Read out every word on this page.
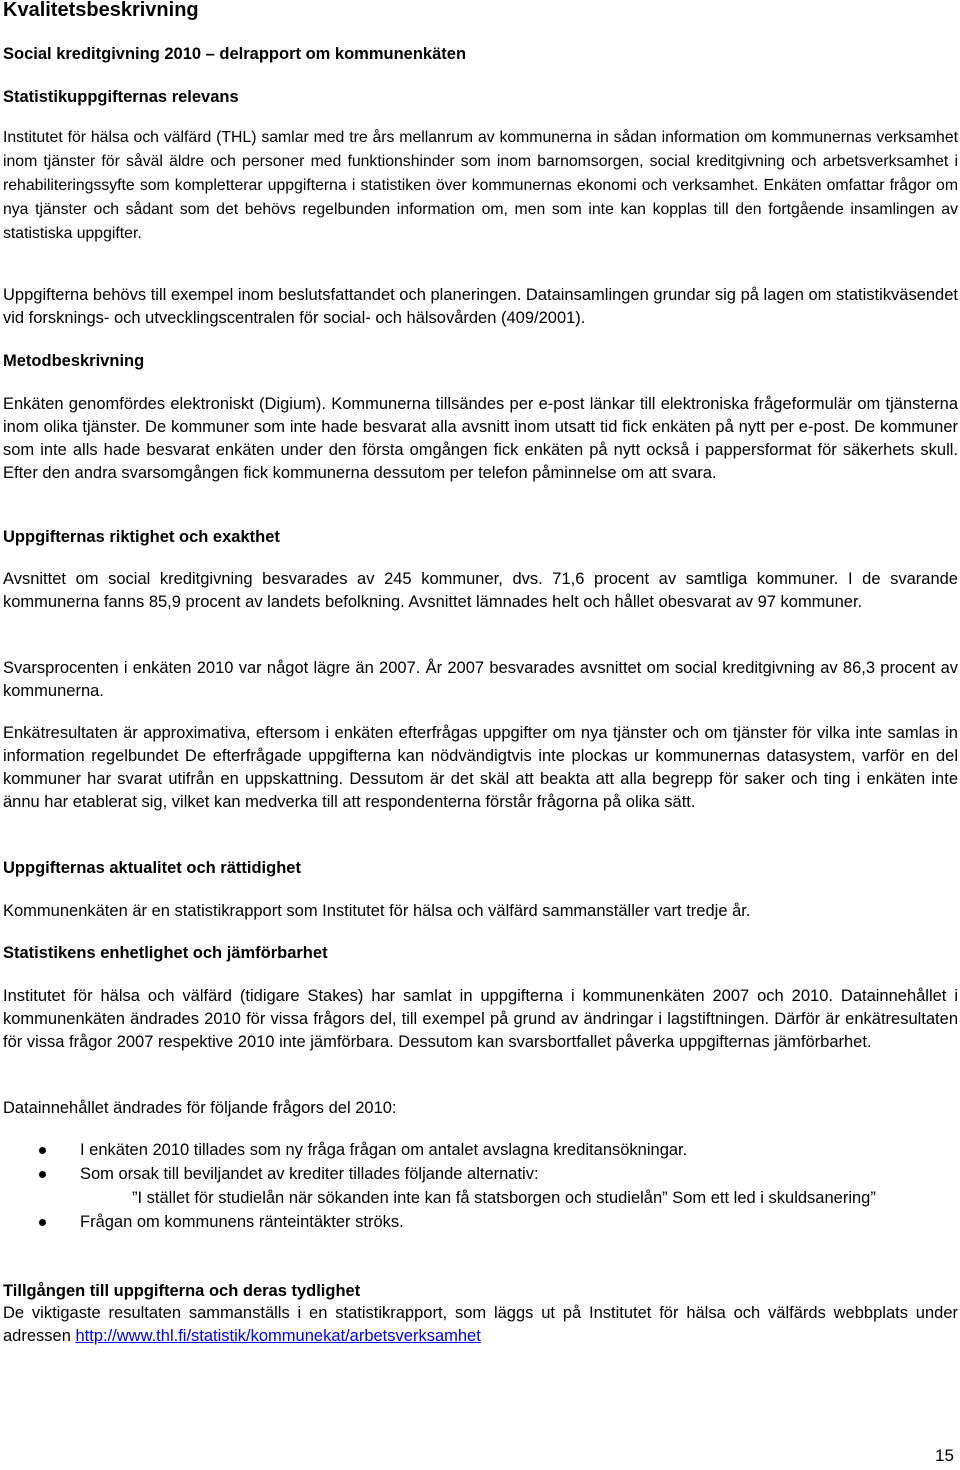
Kvalitetsbeskrivning
Social kreditgivning 2010 – delrapport om kommunenkäten
Statistikuppgifternas relevans

Institutet för hälsa och välfärd (THL) samlar med tre års mellanrum av kommunerna in sådan information om kommunernas verksamhet inom tjänster för såväl äldre och personer med funktionshinder som inom barnomsorgen, social kreditgivning och arbetsverksamhet i rehabiliteringssyfte som kompletterar uppgifterna i statistiken över kommunernas ekonomi och verksamhet. Enkäten omfattar frågor om nya tjänster och sådant som det behövs regelbunden information om, men som inte kan kopplas till den fortgående insamlingen av statistiska uppgifter.

Uppgifterna behövs till exempel inom beslutsfattandet och planeringen. Datainsamlingen grundar sig på lagen om statistikväsendet vid forsknings- och utvecklingscentralen för social- och hälsovården (409/2001).

Metodbeskrivning

Enkäten genomfördes elektroniskt (Digium). Kommunerna tillsändes per e-post länkar till elektroniska frågeformulär om tjänsterna inom olika tjänster. De kommuner som inte hade besvarat alla avsnitt inom utsatt tid fick enkäten på nytt per e-post. De kommuner som inte alls hade besvarat enkäten under den första omgången fick enkäten på nytt också i pappersformat för säkerhets skull. Efter den andra svarsomgången fick kommunerna dessutom per telefon påminnelse om att svara.

Uppgifternas riktighet och exakthet

Avsnittet om social kreditgivning besvarades av 245 kommuner, dvs. 71,6 procent av samtliga kommuner. I de svarande kommunerna fanns 85,9 procent av landets befolkning. Avsnittet lämnades helt och hållet obesvarat av 97 kommuner.

Svarsprocenten i enkäten 2010 var något lägre än 2007. År 2007 besvarades avsnittet om social kreditgivning av 86,3 procent av kommunerna.

Enkätresultaten är approximativa, eftersom i enkäten efterfrågas uppgifter om nya tjänster och om tjänster för vilka inte samlas in information regelbundet De efterfrågade uppgifterna kan nödvändigtvis inte plockas ur kommunernas datasystem, varför en del kommuner har svarat utifrån en uppskattning. Dessutom är det skäl att beakta att alla begrepp för saker och ting i enkäten inte ännu har etablerat sig, vilket kan medverka till att respondenterna förstår frågorna på olika sätt.

Uppgifternas aktualitet och rättidighet

Kommunenkäten är en statistikrapport som Institutet för hälsa och välfärd sammanställer vart tredje år.

Statistikens enhetlighet och jämförbarhet

Institutet för hälsa och välfärd (tidigare Stakes) har samlat in uppgifterna i kommunenkäten 2007 och 2010. Datainnehållet i kommunenkäten ändrades 2010 för vissa frågors del, till exempel på grund av ändringar i lagstiftningen. Därför är enkätresultaten för vissa frågor 2007 respektive 2010 inte jämförbara. Dessutom kan svarsbortfallet påverka uppgifternas jämförbarhet.

Datainnehållet ändrades för följande frågors del 2010:

I enkäten 2010 tillades som ny fråga frågan om antalet avslagna kreditansökningar.
Som orsak till beviljandet av krediter tillades följande alternativ:
”I stället för studielån när sökanden inte kan få statsborgen och studielån” Som ett led i skuldsanering”
Frågan om kommunens ränteintäkter ströks.
Tillgången till uppgifterna och deras tydlighet

De viktigaste resultaten sammanställs i en statistikrapport, som läggs ut på Institutet för hälsa och välfärds webbplats under adressen http://www.thl.fi/statistik/kommunekat/arbetsverksamhet

15
